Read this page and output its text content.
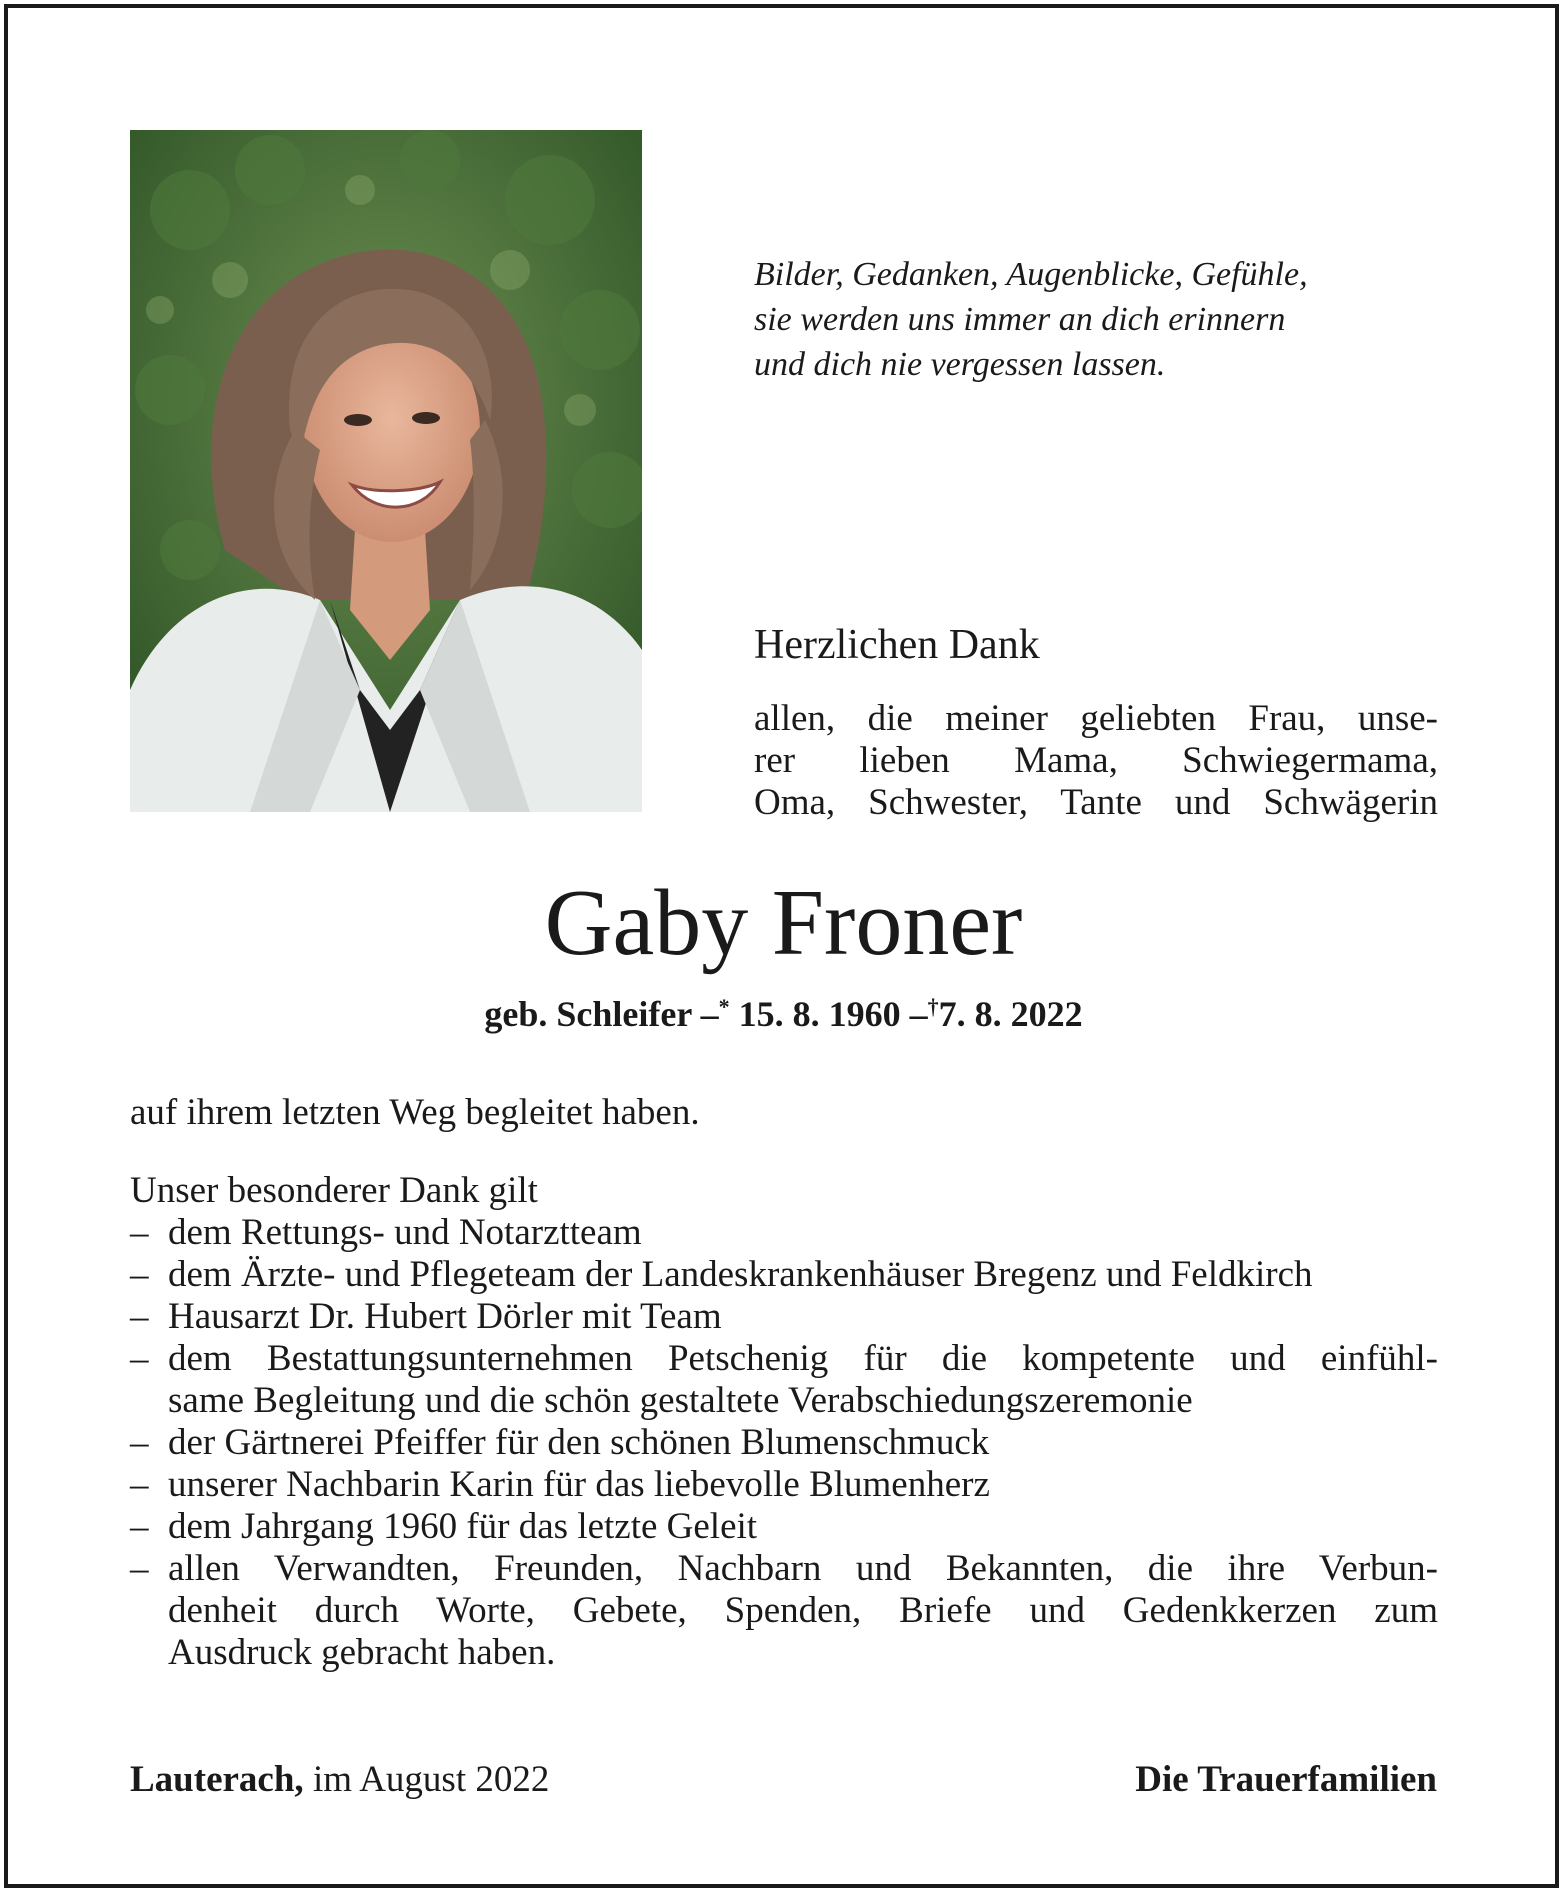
Bilder, Gedanken, Augenblicke, Gefühle,
sie werden uns immer an dich erinnern
und dich nie vergessen lassen.
Herzlichen Dank
allen, die meiner geliebten Frau, unse-
rer lieben Mama, Schwiegermama,
Oma, Schwester, Tante und Schwägerin
Gaby Froner
geb. Schleifer –* 15. 8. 1960 –†7. 8. 2022

auf ihrem letzten Weg begleitet haben.

Unser besonderer Dank gilt

– dem Rettungs- und Notarztteam
– dem Ärzte- und Pflegeteam der Landeskrankenhäuser Bregenz und Feldkirch
– Hausarzt Dr. Hubert Dörler mit Team
– dem Bestattungsunternehmen Petschenig für die kompetente und einfühl-
same Begleitung und die schön gestaltete Verabschiedungszeremonie
– der Gärtnerei Pfeiffer für den schönen Blumenschmuck
– unserer Nachbarin Karin für das liebevolle Blumenherz
– dem Jahrgang 1960 für das letzte Geleit
– allen Verwandten, Freunden, Nachbarn und Bekannten, die ihre Verbun-
denheit durch Worte, Gebete, Spenden, Briefe und Gedenkkerzen zum
Ausdruck gebracht haben.
Lauterach, im August 2022	Die Trauerfamilien
